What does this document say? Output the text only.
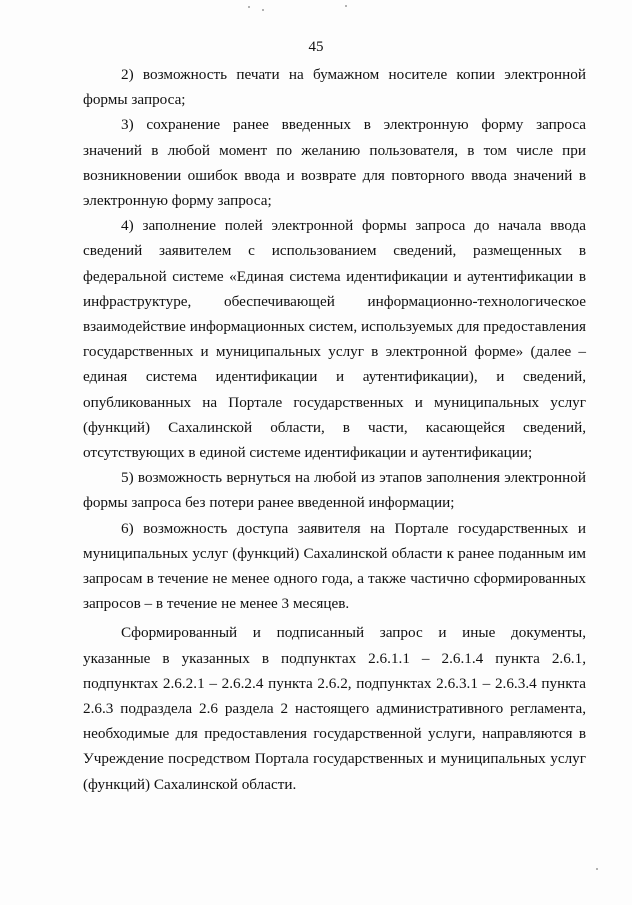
45

2) возможность печати на бумажном носителе копии электронной формы запроса;

3) сохранение ранее введенных в электронную форму запроса значений в любой момент по желанию пользователя, в том числе при возникновении ошибок ввода и возврате для повторного ввода значений в электронную форму запроса;

4) заполнение полей электронной формы запроса до начала ввода сведений заявителем с использованием сведений, размещенных в федеральной системе «Единая система идентификации и аутентификации в инфраструктуре, обеспечивающей информационно-технологическое взаимодействие информационных систем, используемых для предоставления государственных и муниципальных услуг в электронной форме» (далее – единая система идентификации и аутентификации), и сведений, опубликованных на Портале государственных и муниципальных услуг (функций) Сахалинской области, в части, касающейся сведений, отсутствующих в единой системе идентификации и аутентификации;

5) возможность вернуться на любой из этапов заполнения электронной формы запроса без потери ранее введенной информации;

6) возможность доступа заявителя на Портале государственных и муниципальных услуг (функций) Сахалинской области к ранее поданным им запросам в течение не менее одного года, а также частично сформированных запросов – в течение не менее 3 месяцев.

Сформированный и подписанный запрос и иные документы, указанные в указанных в подпунктах 2.6.1.1 – 2.6.1.4 пункта 2.6.1, подпунктах 2.6.2.1 – 2.6.2.4 пункта 2.6.2, подпунктах 2.6.3.1 – 2.6.3.4 пункта 2.6.3 подраздела 2.6 раздела 2 настоящего административного регламента, необходимые для предоставления государственной услуги, направляются в Учреждение посредством Портала государственных и муниципальных услуг (функций) Сахалинской области.
